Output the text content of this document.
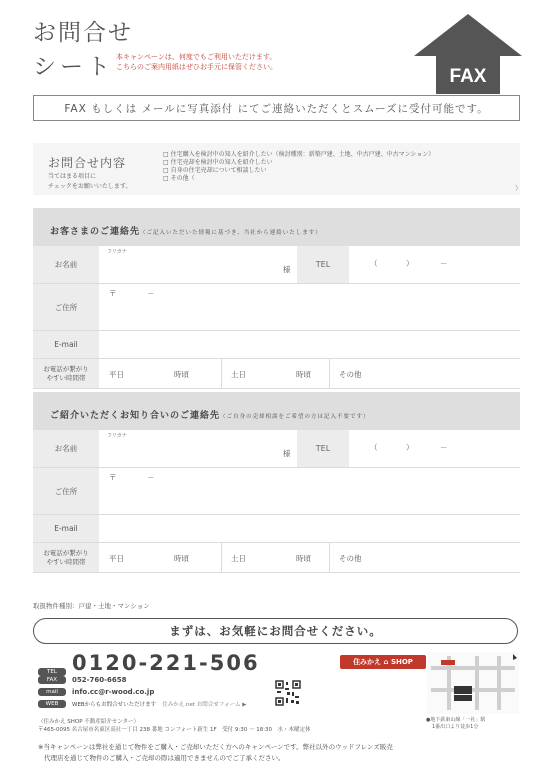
お問合せ
シート 本キャンペーンは、何度でもご利用いただけます。
こちらのご案内用紙はぜひお手元に保管ください。	FAX
FAX もしくは メールに写真添付 にてご連絡いただくとスムーズに受付可能です。
お問合せ内容
当てはまる項目に
チェックをお願いいたします。
□ 住宅購入を検討中の知人を紹介したい（検討種別：新築戸建、土地、中古戸建、中古マンション）
□ 住宅売却を検討中の知人を紹介したい
□ 自身の住宅売却について相談したい
□ その他（
）
お客さまのご連絡先（ご記入いただいた情報に基づき、当社から連絡いたします）
お名前
フリガナ
様
TEL	（	）	－
ご住所
〒	－
E-mail
お電話が繋がり
やすい時間帯	平日	時頃	土日	時頃	その他
ご紹介いただくお知り合いのご連絡先（ご自身の売却相談をご希望の方は記入不要です）
お名前
フリガナ
様
TEL	（	）	－
ご住所
〒	－
E-mail
お電話が繋がり
やすい時間帯	平日	時頃	土日	時頃	その他
取扱物件種別：戸建・土地・マンション
まずは、お気軽にお問合せください。
TEL 0120-221-506
FAX	052-760-6658
mail	info.cc@r-wood.co.jp
WEB	WEBからもお問合せいただけます 住みかえ.net お問合せフォーム ▶
（住みかえ SHOP 不動産紹介センター）
〒465-0095 名古屋市名東区高社一丁目 238 番地 コンフォート新生 1F　受付 9:30 ～ 18:30　水・木曜定休
住みかえ ⌂ SHOP
●地下鉄東山線「一社」駅
1番出口より徒歩1分
※当キャンペーンは弊社を通じて物件をご購入・ご売却いただく方へのキャンペーンです。弊社以外のウッドフレンズ販売
代理店を通じて物件のご購入・ご売却の際は適用できませんのでご了承ください。
